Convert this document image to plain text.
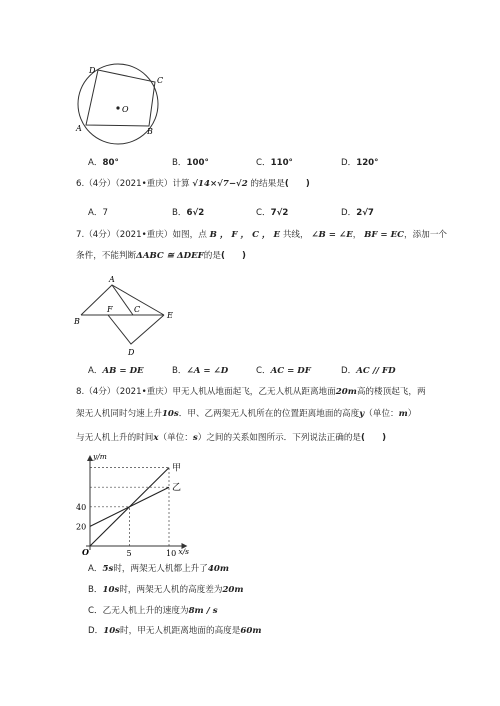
D
C
A	B
O
A．80°	B．100°	C．110°	D．120°
6.（4分）（2021•重庆）计算 √14×√7−√2 的结果是(　　)
A．7	B．6√2	C．7√2	D．2√7
7.（4分）（2021•重庆）如图，点 B ， F ， C ， E 共线， ∠B = ∠E， BF = EC，添加一个
条件，不能判断ΔABC ≅ ΔDEF的是(　　)
A
B
F	C
E
D
A．AB = DE	B．∠A = ∠D	C．AC = DF	D．AC // FD
8.（4分）（2021•重庆）甲无人机从地面起飞，乙无人机从距离地面20m高的楼顶起飞，两
架无人机同时匀速上升10s．甲、乙两架无人机所在的位置距离地面的高度y（单位：m）
与无人机上升的时间x（单位：s）之间的关系如图所示．下列说法正确的是(　　)
甲
乙
20
40
5	10
O
y/m
x/s
A．5s时，两架无人机都上升了40m
B．10s时，两架无人机的高度差为20m
C．乙无人机上升的速度为8m / s
D．10s时，甲无人机距离地面的高度是60m
